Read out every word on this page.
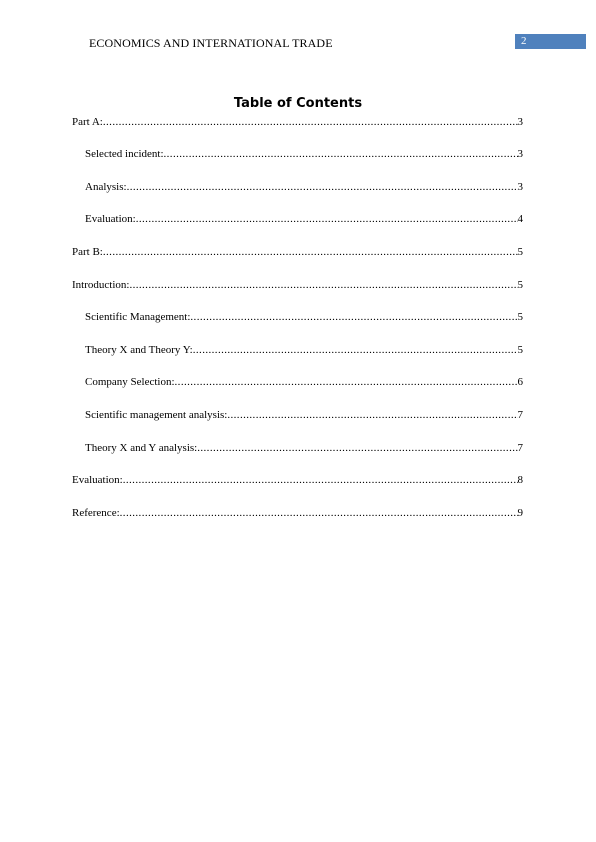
ECONOMICS AND INTERNATIONAL TRADE	2
Table of Contents
Part A: .....	3
Selected incident: .....	3
Analysis: .....	3
Evaluation: .....	4
Part B: .....	5
Introduction: .....	5
Scientific Management: .....	5
Theory X and Theory Y: .....	5
Company Selection: .....	6
Scientific management analysis: .....	7
Theory X and Y analysis: .....	7
Evaluation: .....	8
Reference: .....	9
